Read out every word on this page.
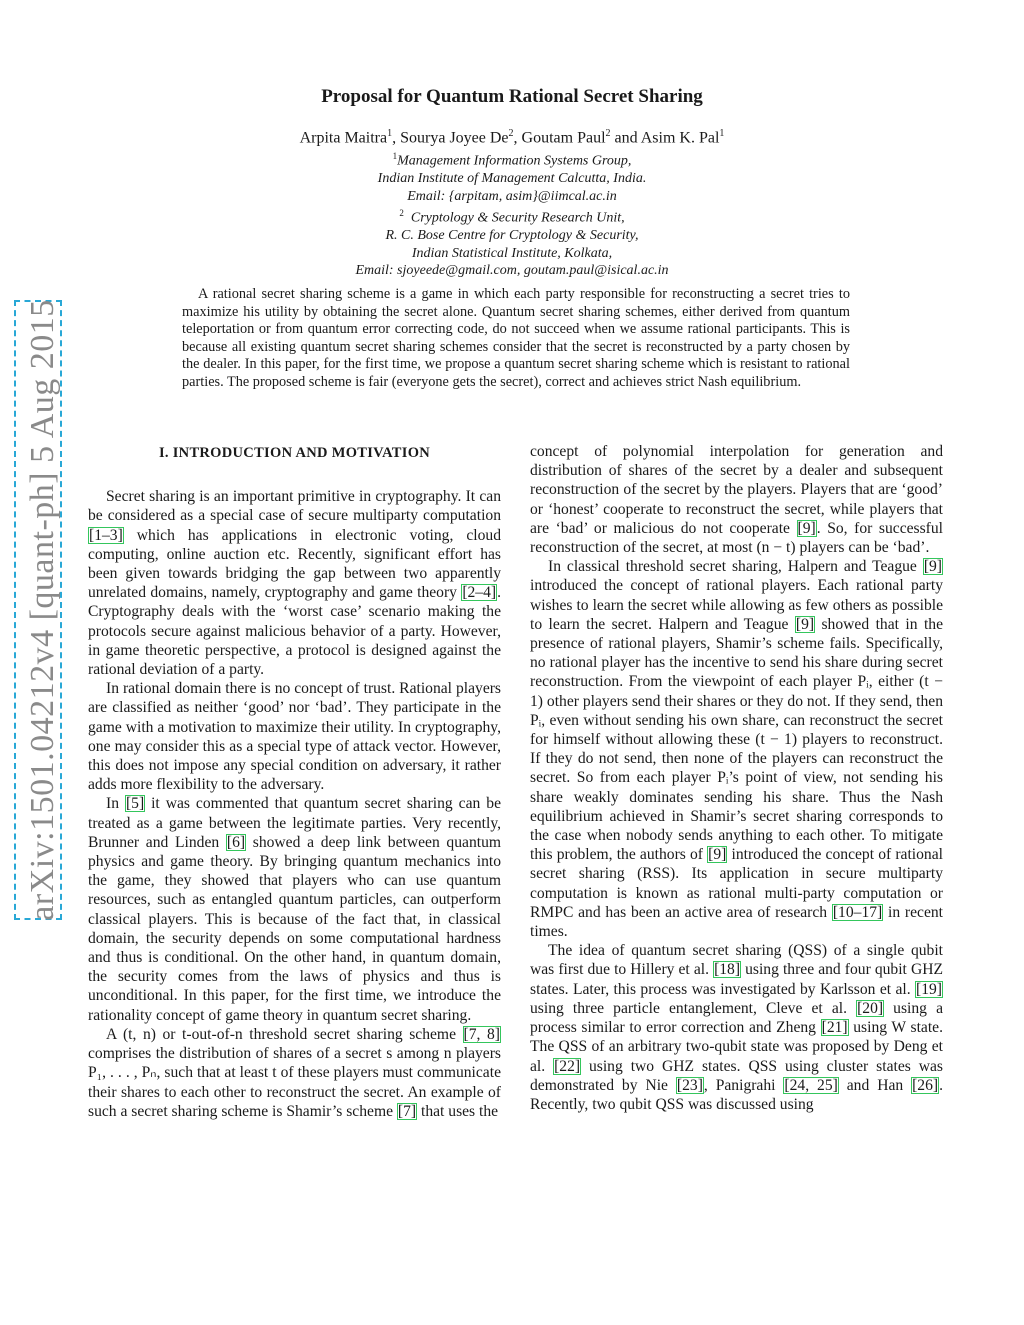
arXiv:1501.04212v4 [quant-ph] 5 Aug 2015
Proposal for Quantum Rational Secret Sharing
Arpita Maitra$^1$, Sourya Joyee De$^2$, Goutam Paul$^2$ and Asim K. Pal$^1$
$^1$Management Information Systems Group,
Indian Institute of Management Calcutta, India.
Email: {arpitam, asim}@iimcal.ac.in
$^2$ Cryptology & Security Research Unit,
R. C. Bose Centre for Cryptology & Security,
Indian Statistical Institute, Kolkata,
Email: sjoyeede@gmail.com, goutam.paul@isical.ac.in
A rational secret sharing scheme is a game in which each party responsible for reconstructing a secret tries to maximize his utility by obtaining the secret alone. Quantum secret sharing schemes, either derived from quantum teleportation or from quantum error correcting code, do not succeed when we assume rational participants. This is because all existing quantum secret sharing schemes consider that the secret is reconstructed by a party chosen by the dealer. In this paper, for the first time, we propose a quantum secret sharing scheme which is resistant to rational parties. The proposed scheme is fair (everyone gets the secret), correct and achieves strict Nash equilibrium.
I. INTRODUCTION AND MOTIVATION

Secret sharing is an important primitive in cryptography. It can be considered as a special case of secure multiparty computation [1–3] which has applications in electronic voting, cloud computing, online auction etc. Recently, significant effort has been given towards bridging the gap between two apparently unrelated domains, namely, cryptography and game theory [2–4]. Cryptography deals with the ‘worst case’ scenario making the protocols secure against malicious behavior of a party. However, in game theoretic perspective, a protocol is designed against the rational deviation of a party.

In rational domain there is no concept of trust. Rational players are classified as neither ‘good’ nor ‘bad’. They participate in the game with a motivation to maximize their utility. In cryptography, one may consider this as a special type of attack vector. However, this does not impose any special condition on adversary, it rather adds more flexibility to the adversary.

In [5] it was commented that quantum secret sharing can be treated as a game between the legitimate parties. Very recently, Brunner and Linden [6] showed a deep link between quantum physics and game theory. By bringing quantum mechanics into the game, they showed that players who can use quantum resources, such as entangled quantum particles, can outperform classical players. This is because of the fact that, in classical domain, the security depends on some computational hardness and thus is conditional. On the other hand, in quantum domain, the security comes from the laws of physics and thus is unconditional. In this paper, for the first time, we introduce the rationality concept of game theory in quantum secret sharing.

A (t, n) or t-out-of-n threshold secret sharing scheme [7, 8] comprises the distribution of shares of a secret s among n players P₁, . . . , Pₙ, such that at least t of these players must communicate their shares to each other to reconstruct the secret. An example of such a secret sharing scheme is Shamir’s scheme [7] that uses the

concept of polynomial interpolation for generation and distribution of shares of the secret by a dealer and subsequent reconstruction of the secret by the players. Players that are ‘good’ or ‘honest’ cooperate to reconstruct the secret, while players that are ‘bad’ or malicious do not cooperate [9]. So, for successful reconstruction of the secret, at most (n − t) players can be ‘bad’.

In classical threshold secret sharing, Halpern and Teague [9] introduced the concept of rational players. Each rational party wishes to learn the secret while allowing as few others as possible to learn the secret. Halpern and Teague [9] showed that in the presence of rational players, Shamir’s scheme fails. Specifically, no rational player has the incentive to send his share during secret reconstruction. From the viewpoint of each player Pᵢ, either (t − 1) other players send their shares or they do not. If they send, then Pᵢ, even without sending his own share, can reconstruct the secret for himself without allowing these (t − 1) players to reconstruct. If they do not send, then none of the players can reconstruct the secret. So from each player Pᵢ’s point of view, not sending his share weakly dominates sending his share. Thus the Nash equilibrium achieved in Shamir’s secret sharing corresponds to the case when nobody sends anything to each other. To mitigate this problem, the authors of [9] introduced the concept of rational secret sharing (RSS). Its application in secure multiparty computation is known as rational multi-party computation or RMPC and has been an active area of research [10–17] in recent times.

The idea of quantum secret sharing (QSS) of a single qubit was first due to Hillery et al. [18] using three and four qubit GHZ states. Later, this process was investigated by Karlsson et al. [19] using three particle entanglement, Cleve et al. [20] using a process similar to error correction and Zheng [21] using W state. The QSS of an arbitrary two-qubit state was proposed by Deng et al. [22] using two GHZ states. QSS using cluster states was demonstrated by Nie [23], Panigrahi [24, 25] and Han [26]. Recently, two qubit QSS was discussed using
